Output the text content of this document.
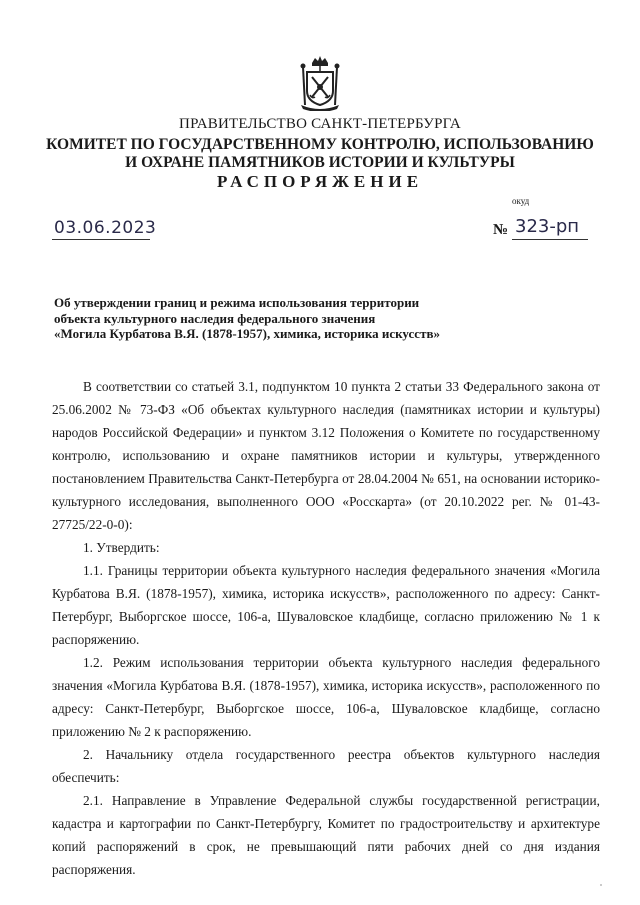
ПРАВИТЕЛЬСТВО САНКТ-ПЕТЕРБУРГА
КОМИТЕТ ПО ГОСУДАРСТВЕННОМУ КОНТРОЛЮ, ИСПОЛЬЗОВАНИЮ
И ОХРАНЕ ПАМЯТНИКОВ ИСТОРИИ И КУЛЬТУРЫ
РАСПОРЯЖЕНИЕ
окуд
03.06.2023	№ 323-рп
Об утверждении границ и режима использования территории
объекта культурного наследия федерального значения
«Могила Курбатова В.Я. (1878-1957), химика, историка искусств»

В соответствии со статьей 3.1, подпунктом 10 пункта 2 статьи 33 Федерального закона от 25.06.2002 № 73-ФЗ «Об объектах культурного наследия (памятниках истории и культуры) народов Российской Федерации» и пунктом 3.12 Положения о Комитете по государственному контролю, использованию и охране памятников истории и культуры, утвержденного постановлением Правительства Санкт-Петербурга от 28.04.2004 № 651, на основании историко-культурного исследования, выполненного ООО «Росскарта» (от 20.10.2022 рег. № 01-43-27725/22-0-0):

1. Утвердить:

1.1. Границы территории объекта культурного наследия федерального значения «Могила Курбатова В.Я. (1878-1957), химика, историка искусств», расположенного по адресу: Санкт-Петербург, Выборгское шоссе, 106-а, Шуваловское кладбище, согласно приложению № 1 к распоряжению.

1.2. Режим использования территории объекта культурного наследия федерального значения «Могила Курбатова В.Я. (1878-1957), химика, историка искусств», расположенного по адресу: Санкт-Петербург, Выборгское шоссе, 106-а, Шуваловское кладбище, согласно приложению № 2 к распоряжению.

2. Начальнику отдела государственного реестра объектов культурного наследия обеспечить:

2.1. Направление в Управление Федеральной службы государственной регистрации, кадастра и картографии по Санкт-Петербургу, Комитет по градостроительству и архитектуре копий распоряжений в срок, не превышающий пяти рабочих дней со дня издания распоряжения.
